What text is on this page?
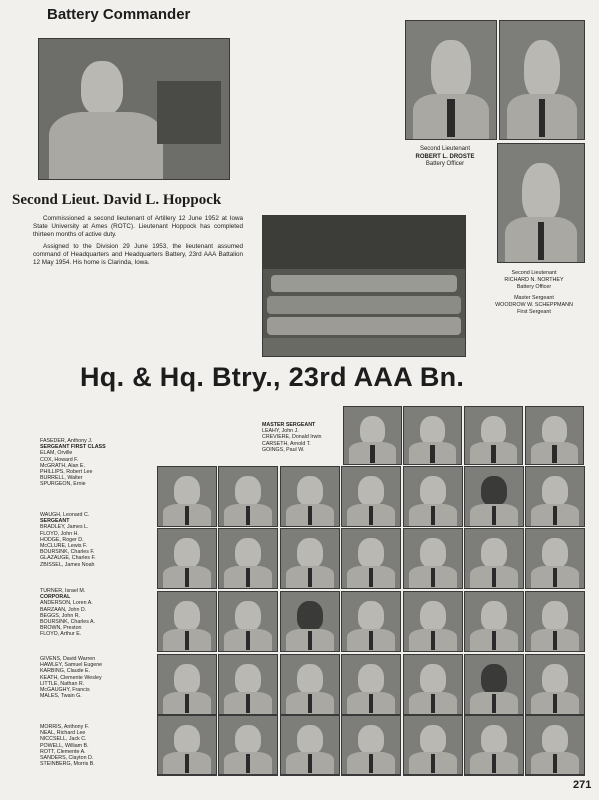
Battery Commander
Second Lieut. David L. Hoppock
Commissioned a second lieutenant of Artillery 12 June 1952 at Iowa State University at Ames (ROTC). Lieutenant Hoppock has completed thirteen months of active duty.
Assigned to the Division 29 June 1953, the lieutenant assumed command of Headquarters and Headquarters Battery, 23rd AAA Battalion 12 May 1954. His home is Clarinda, Iowa.
Second Lieutenant
ROBERT L. DROSTE
Battery Officer
Second Lieutenant
RICHARD N. NORTHEY
Battery Officer
Master Sergeant
WOODROW W. SCHEPPMANN
First Sergeant
Hq. & Hq. Btry., 23rd AAA Bn.
MASTER SERGEANT
LEAHY, John J.
CREVIERE, Donald Irwin
CARSETH, Arnold T.
GOINGS, Paul W.
FASEDER, Anthony J.
SERGEANT FIRST CLASS
ELAM, Orville
COX, Howard F.
McGRATH, Alan E.
PHILLIPS, Robert Lee
BURRELL, Walter
SPURGEON, Ernie
WAUGH, Leonard C.
SERGEANT
BRADLEY, James L.
FLOYD, John H.
HODGE, Roger D.
McCLURE, Lewis F.
BOURSINK, Charles F.
GLAZAUGE, Charles F.
ZBISSEL, James Noah
TURNER, Israel M.
CORPORAL
ANDERSON, Loren A.
BARZAAN, John D.
BEGGS, John R.
BOURSINK, Charles A.
BROWN, Preston
FLOYD, Arthur E.
GIVENS, David Warren
HAWLEY, Samuel Eugene
KARBING, Claude E.
KEATH, Clemente Wesley
LITTLE, Nathan R.
McGAUGHY, Francis
MALES, Twain G.
MORRIS, Anthony F.
NEAL, Richard Lee
NICCSELL, Jack C.
POWELL, William B.
ROTT, Clemente A.
SANDERS, Clayton D.
STEINBERG, Morris B.
271
